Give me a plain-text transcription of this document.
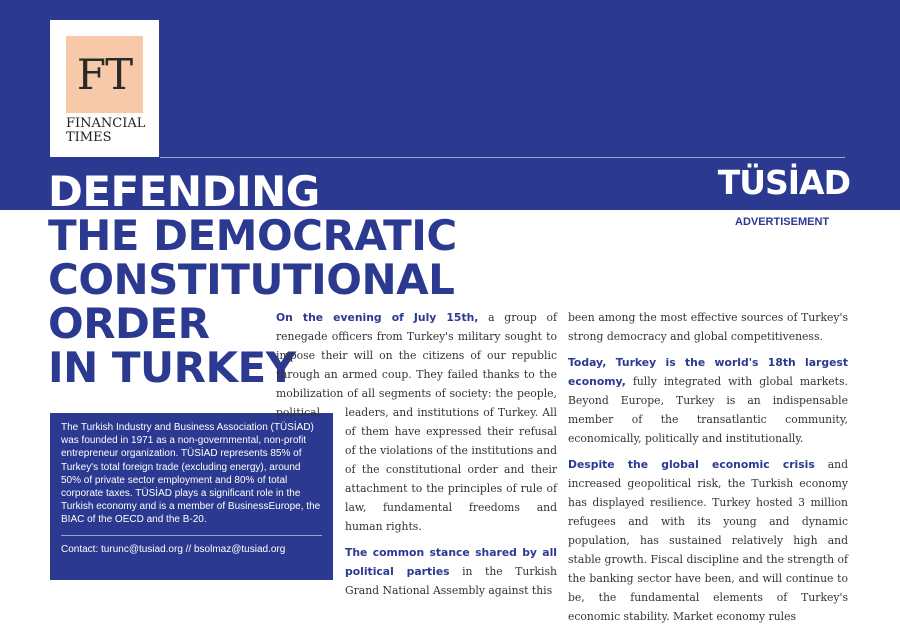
FT
FINANCIAL
TIMES
TÜSİAD
ADVERTISEMENT
DEFENDING
THE DEMOCRATIC
CONSTITUTIONAL
ORDER
IN TURKEY
The Turkish Industry and Business Association (TÜSİAD) was founded in 1971 as a non-governmental, non-profit entrepreneur organization. TÜSİAD represents 85% of Turkey's total foreign trade (excluding energy), around 50% of private sector employment and 80% of total corporate taxes. TÜSİAD plays a significant role in the Turkish economy and is a member of BusinessEurope, the BIAC of the OECD and the B-20.
Contact: turunc@tusiad.org // bsolmaz@tusiad.org

On the evening of July 15th, a group of renegade officers from Turkey's military sought to impose their will on the citizens of our republic through an armed coup. They failed thanks to the mobilization of all segments of society: the people, political	leaders, and institutions of Turkey. All of them have expressed their refusal of the violations of the institutions and of the constitutional order and their attachment to the principles of rule of law, fundamental freedoms and human rights.

The common stance shared by all political parties in the Turkish Grand National Assembly against this

been among the most effective sources of Turkey's strong democracy and global competitiveness.

Today, Turkey is the world's 18th largest economy, fully integrated with global markets. Beyond Europe, Turkey is an indispensable member of the transatlantic community, economically, politically and institutionally.

Despite the global economic crisis and increased geopolitical risk, the Turkish economy has displayed resilience. Turkey hosted 3 million refugees and with its young and dynamic population, has sustained relatively high and stable growth. Fiscal discipline and the strength of the banking sector have been, and will continue to be, the fundamental elements of Turkey's economic stability. Market economy rules
